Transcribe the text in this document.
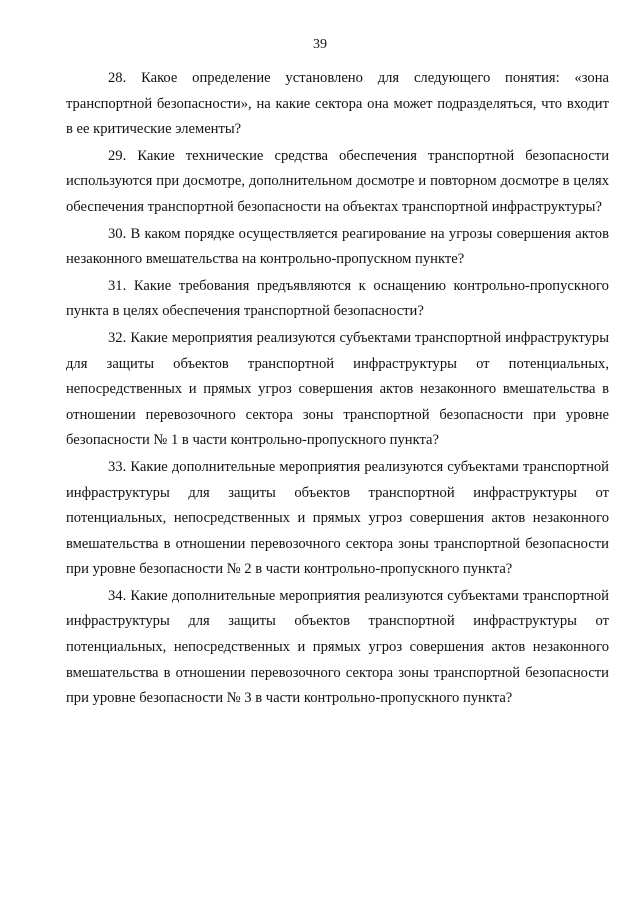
39

28. Какое определение установлено для следующего понятия: «зона транспортной безопасности», на какие сектора она может подразделяться, что входит в ее критические элементы?

29. Какие технические средства обеспечения транспортной безопасности используются при досмотре, дополнительном досмотре и повторном досмотре в целях обеспечения транспортной безопасности на объектах транспортной инфраструктуры?

30. В каком порядке осуществляется реагирование на угрозы совершения актов незаконного вмешательства на контрольно-пропускном пункте?

31. Какие требования предъявляются к оснащению контрольно-пропускного пункта в целях обеспечения транспортной безопасности?

32. Какие мероприятия реализуются субъектами транспортной инфраструктуры для защиты объектов транспортной инфраструктуры от потенциальных, непосредственных и прямых угроз совершения актов незаконного вмешательства в отношении перевозочного сектора зоны транспортной безопасности при уровне безопасности № 1 в части контрольно-пропускного пункта?

33. Какие дополнительные мероприятия реализуются субъектами транспортной инфраструктуры для защиты объектов транспортной инфраструктуры от потенциальных, непосредственных и прямых угроз совершения актов незаконного вмешательства в отношении перевозочного сектора зоны транспортной безопасности при уровне безопасности № 2 в части контрольно-пропускного пункта?

34. Какие дополнительные мероприятия реализуются субъектами транспортной инфраструктуры для защиты объектов транспортной инфраструктуры от потенциальных, непосредственных и прямых угроз совершения актов незаконного вмешательства в отношении перевозочного сектора зоны транспортной безопасности при уровне безопасности № 3 в части контрольно-пропускного пункта?
